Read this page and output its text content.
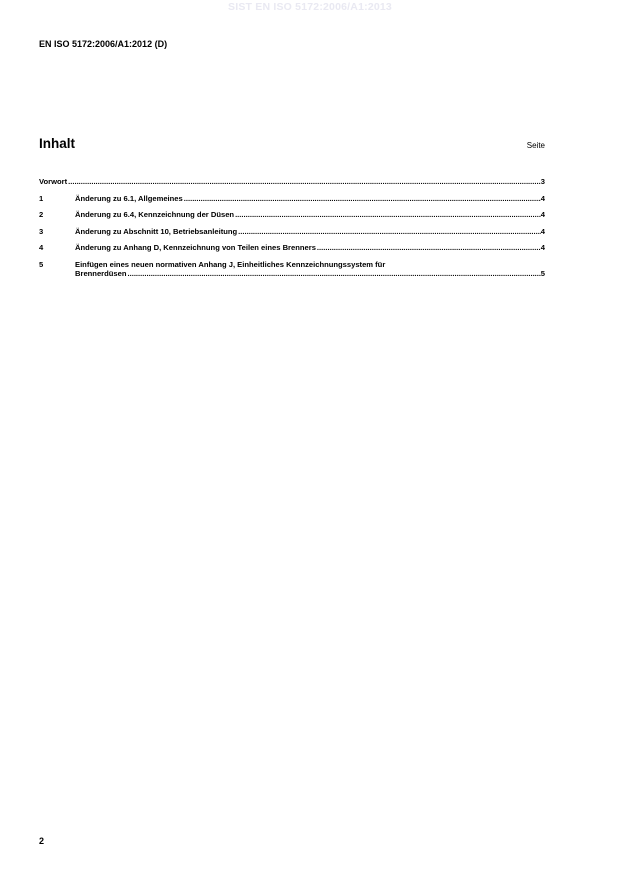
SIST EN ISO 5172:2006/A1:2013
EN ISO 5172:2006/A1:2012 (D)
Inhalt	Seite
Vorwort .....	3
1	Änderung zu 6.1, Allgemeines .....	4
2	Änderung zu 6.4, Kennzeichnung der Düsen .....	4
3	Änderung zu Abschnitt 10, Betriebsanleitung .....	4
4	Änderung zu Anhang D, Kennzeichnung von Teilen eines Brenners .....	4
5	Einfügen eines neuen normativen Anhang J, Einheitliches Kennzeichnungssystem für
Brennerdüsen .....	5
2
